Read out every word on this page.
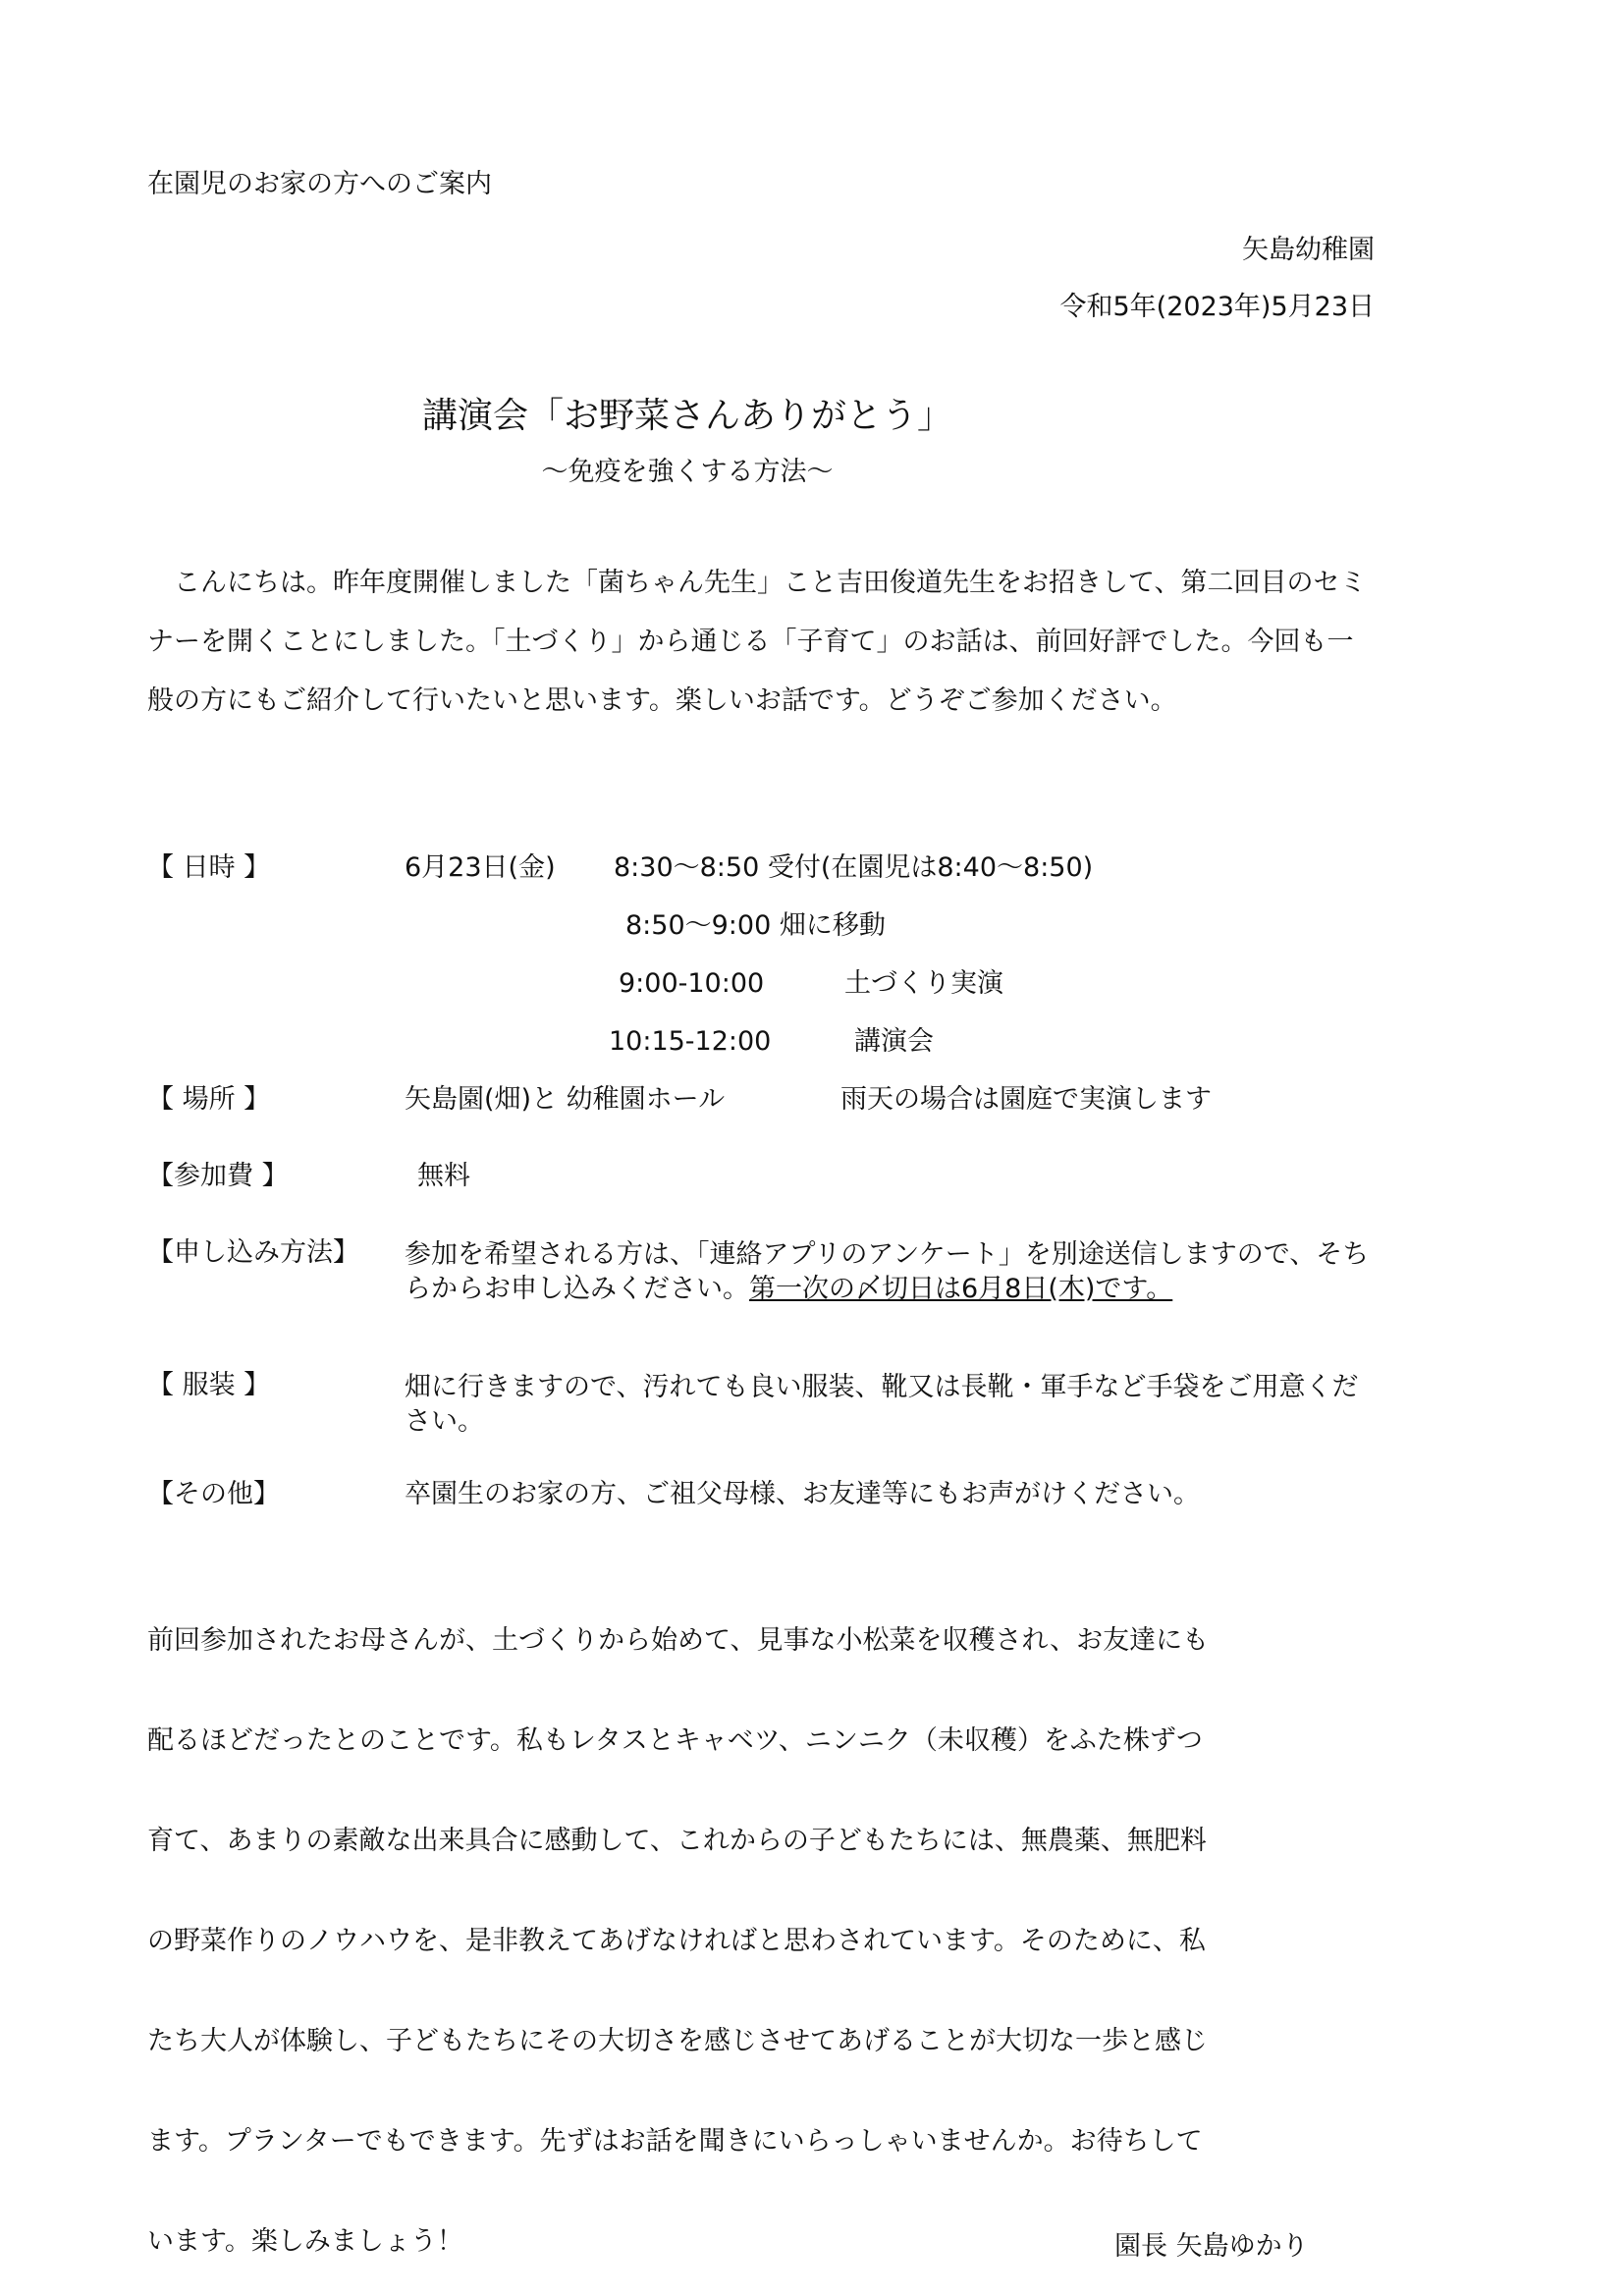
在園児のお家の方へのご案内
矢島幼稚園
令和5年(2023年)5月23日
講演会「お野菜さんありがとう」
〜免疫を強くする方法〜

こんにちは。昨年度開催しました「菌ちゃん先生」こと吉田俊道先生をお招きして、第二回目のセミナーを開くことにしました。「土づくり」から通じる「子育て」のお話は、前回好評でした。今回も一般の方にもご紹介して行いたいと思います。楽しいお話です。どうぞご参加ください。

【 日時 】	6月23日(金) 8:30〜8:50 受付(在園児は8:40〜8:50)
8:50〜9:00 畑に移動
9:00-10:00	土づくり実演
10:15-12:00	講演会
【 場所 】	矢島園(畑)と 幼稚園ホール	雨天の場合は園庭で実演します
【参加費 】	無料
【申し込み方法】 参加を希望される方は、「連絡アプリのアンケート」を別途送信しますので、そちらからお申し込みください。第一次の〆切日は6月8日(木)です。
【 服装 】	畑に行きますので、汚れても良い服装、靴又は長靴・軍手など手袋をご用意ください。
【その他】	卒園生のお家の方、ご祖父母様、お友達等にもお声がけください。

前回参加されたお母さんが、土づくりから始めて、見事な小松菜を収穫され、お友達にも

配るほどだったとのことです。私もレタスとキャベツ、ニンニク（未収穫）をふた株ずつ

育て、あまりの素敵な出来具合に感動して、これからの子どもたちには、無農薬、無肥料

の野菜作りのノウハウを、是非教えてあげなければと思わされています。そのために、私

たち大人が体験し、子どもたちにその大切さを感じさせてあげることが大切な一歩と感じ

ます。プランターでもできます。先ずはお話を聞きにいらっしゃいませんか。お待ちして

います。楽しみましょう！	園長 矢島ゆかり
